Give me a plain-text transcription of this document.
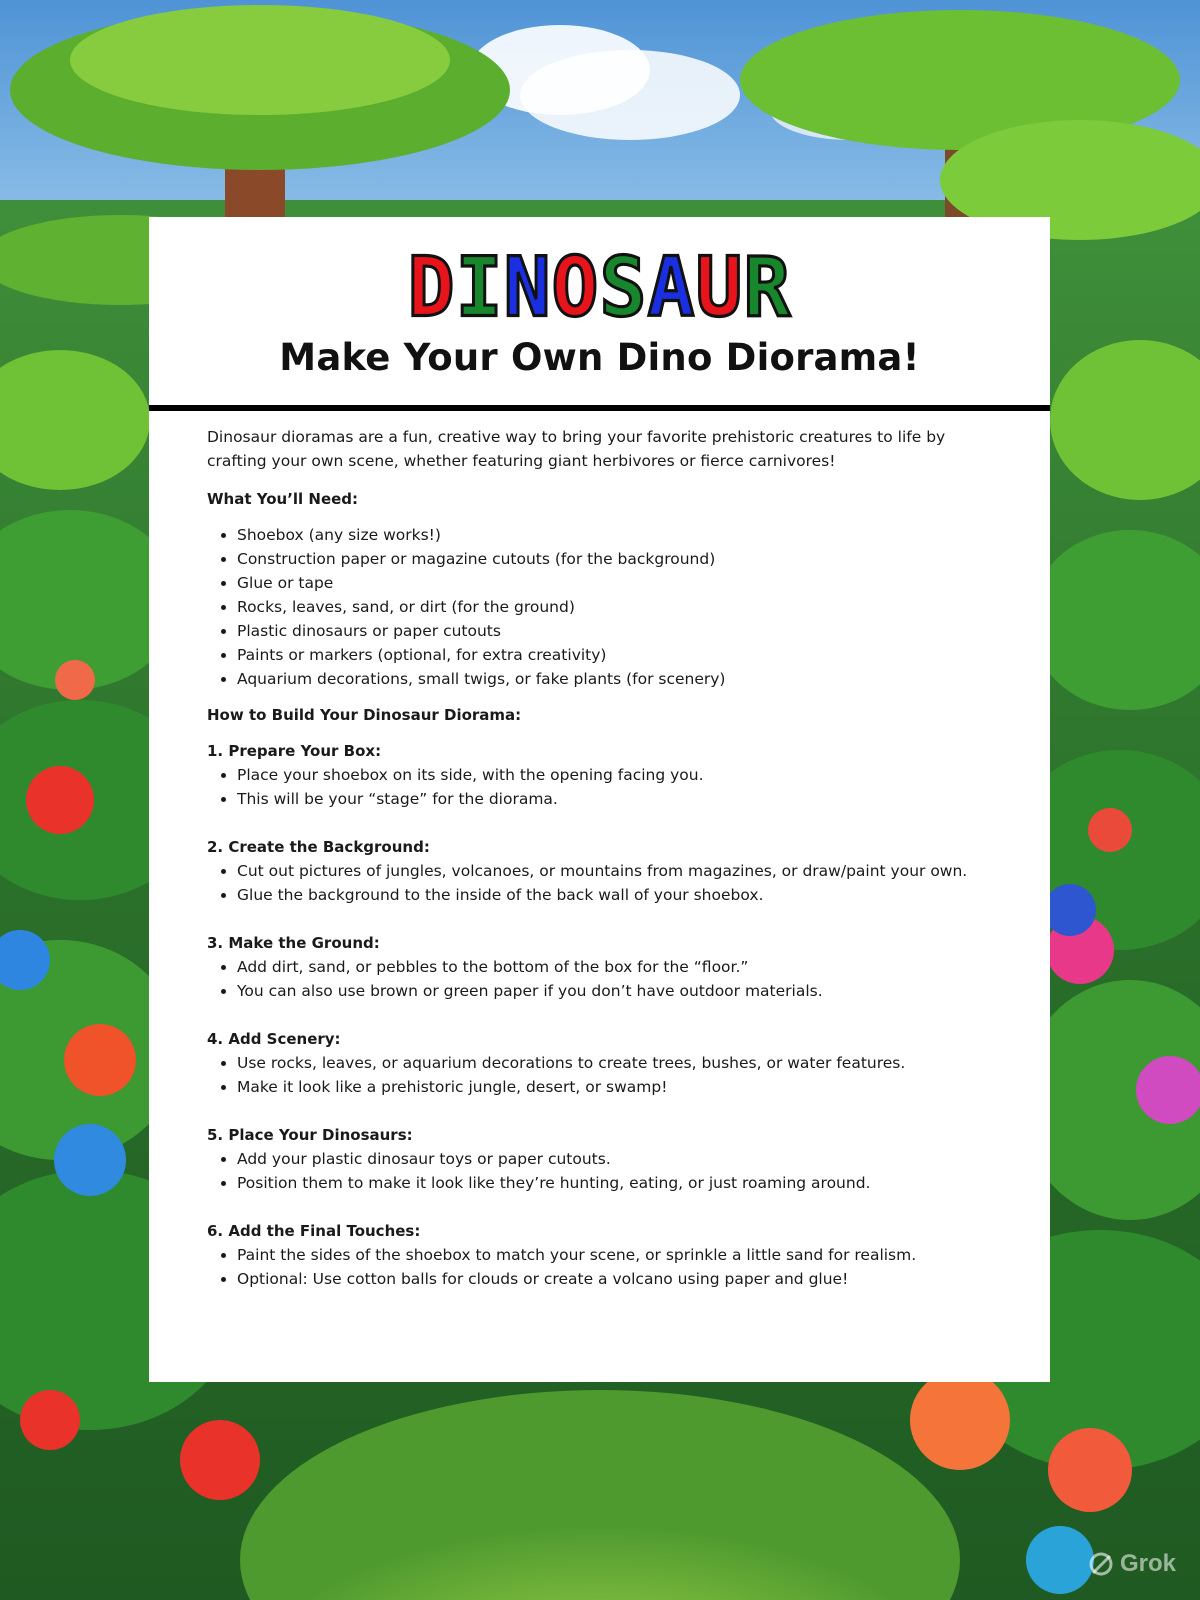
Grok
D I N O S A U R
Make Your Own Dino Diorama!

Dinosaur dioramas are a fun, creative way to bring your favorite prehistoric creatures to life by crafting your own scene, whether featuring giant herbivores or fierce carnivores!

What You’ll Need:

• Shoebox (any size works!)
• Construction paper or magazine cutouts (for the background)
• Glue or tape
• Rocks, leaves, sand, or dirt (for the ground)
• Plastic dinosaurs or paper cutouts
• Paints or markers (optional, for extra creativity)
• Aquarium decorations, small twigs, or fake plants (for scenery)

How to Build Your Dinosaur Diorama:

1. Prepare Your Box:

• Place your shoebox on its side, with the opening facing you.
• This will be your “stage” for the diorama.

2. Create the Background:

• Cut out pictures of jungles, volcanoes, or mountains from magazines, or draw/paint your own.
• Glue the background to the inside of the back wall of your shoebox.

3. Make the Ground:

• Add dirt, sand, or pebbles to the bottom of the box for the “floor.”
• You can also use brown or green paper if you don’t have outdoor materials.

4. Add Scenery:

• Use rocks, leaves, or aquarium decorations to create trees, bushes, or water features.
• Make it look like a prehistoric jungle, desert, or swamp!

5. Place Your Dinosaurs:

• Add your plastic dinosaur toys or paper cutouts.
• Position them to make it look like they’re hunting, eating, or just roaming around.

6. Add the Final Touches:

• Paint the sides of the shoebox to match your scene, or sprinkle a little sand for realism.
• Optional: Use cotton balls for clouds or create a volcano using paper and glue!
